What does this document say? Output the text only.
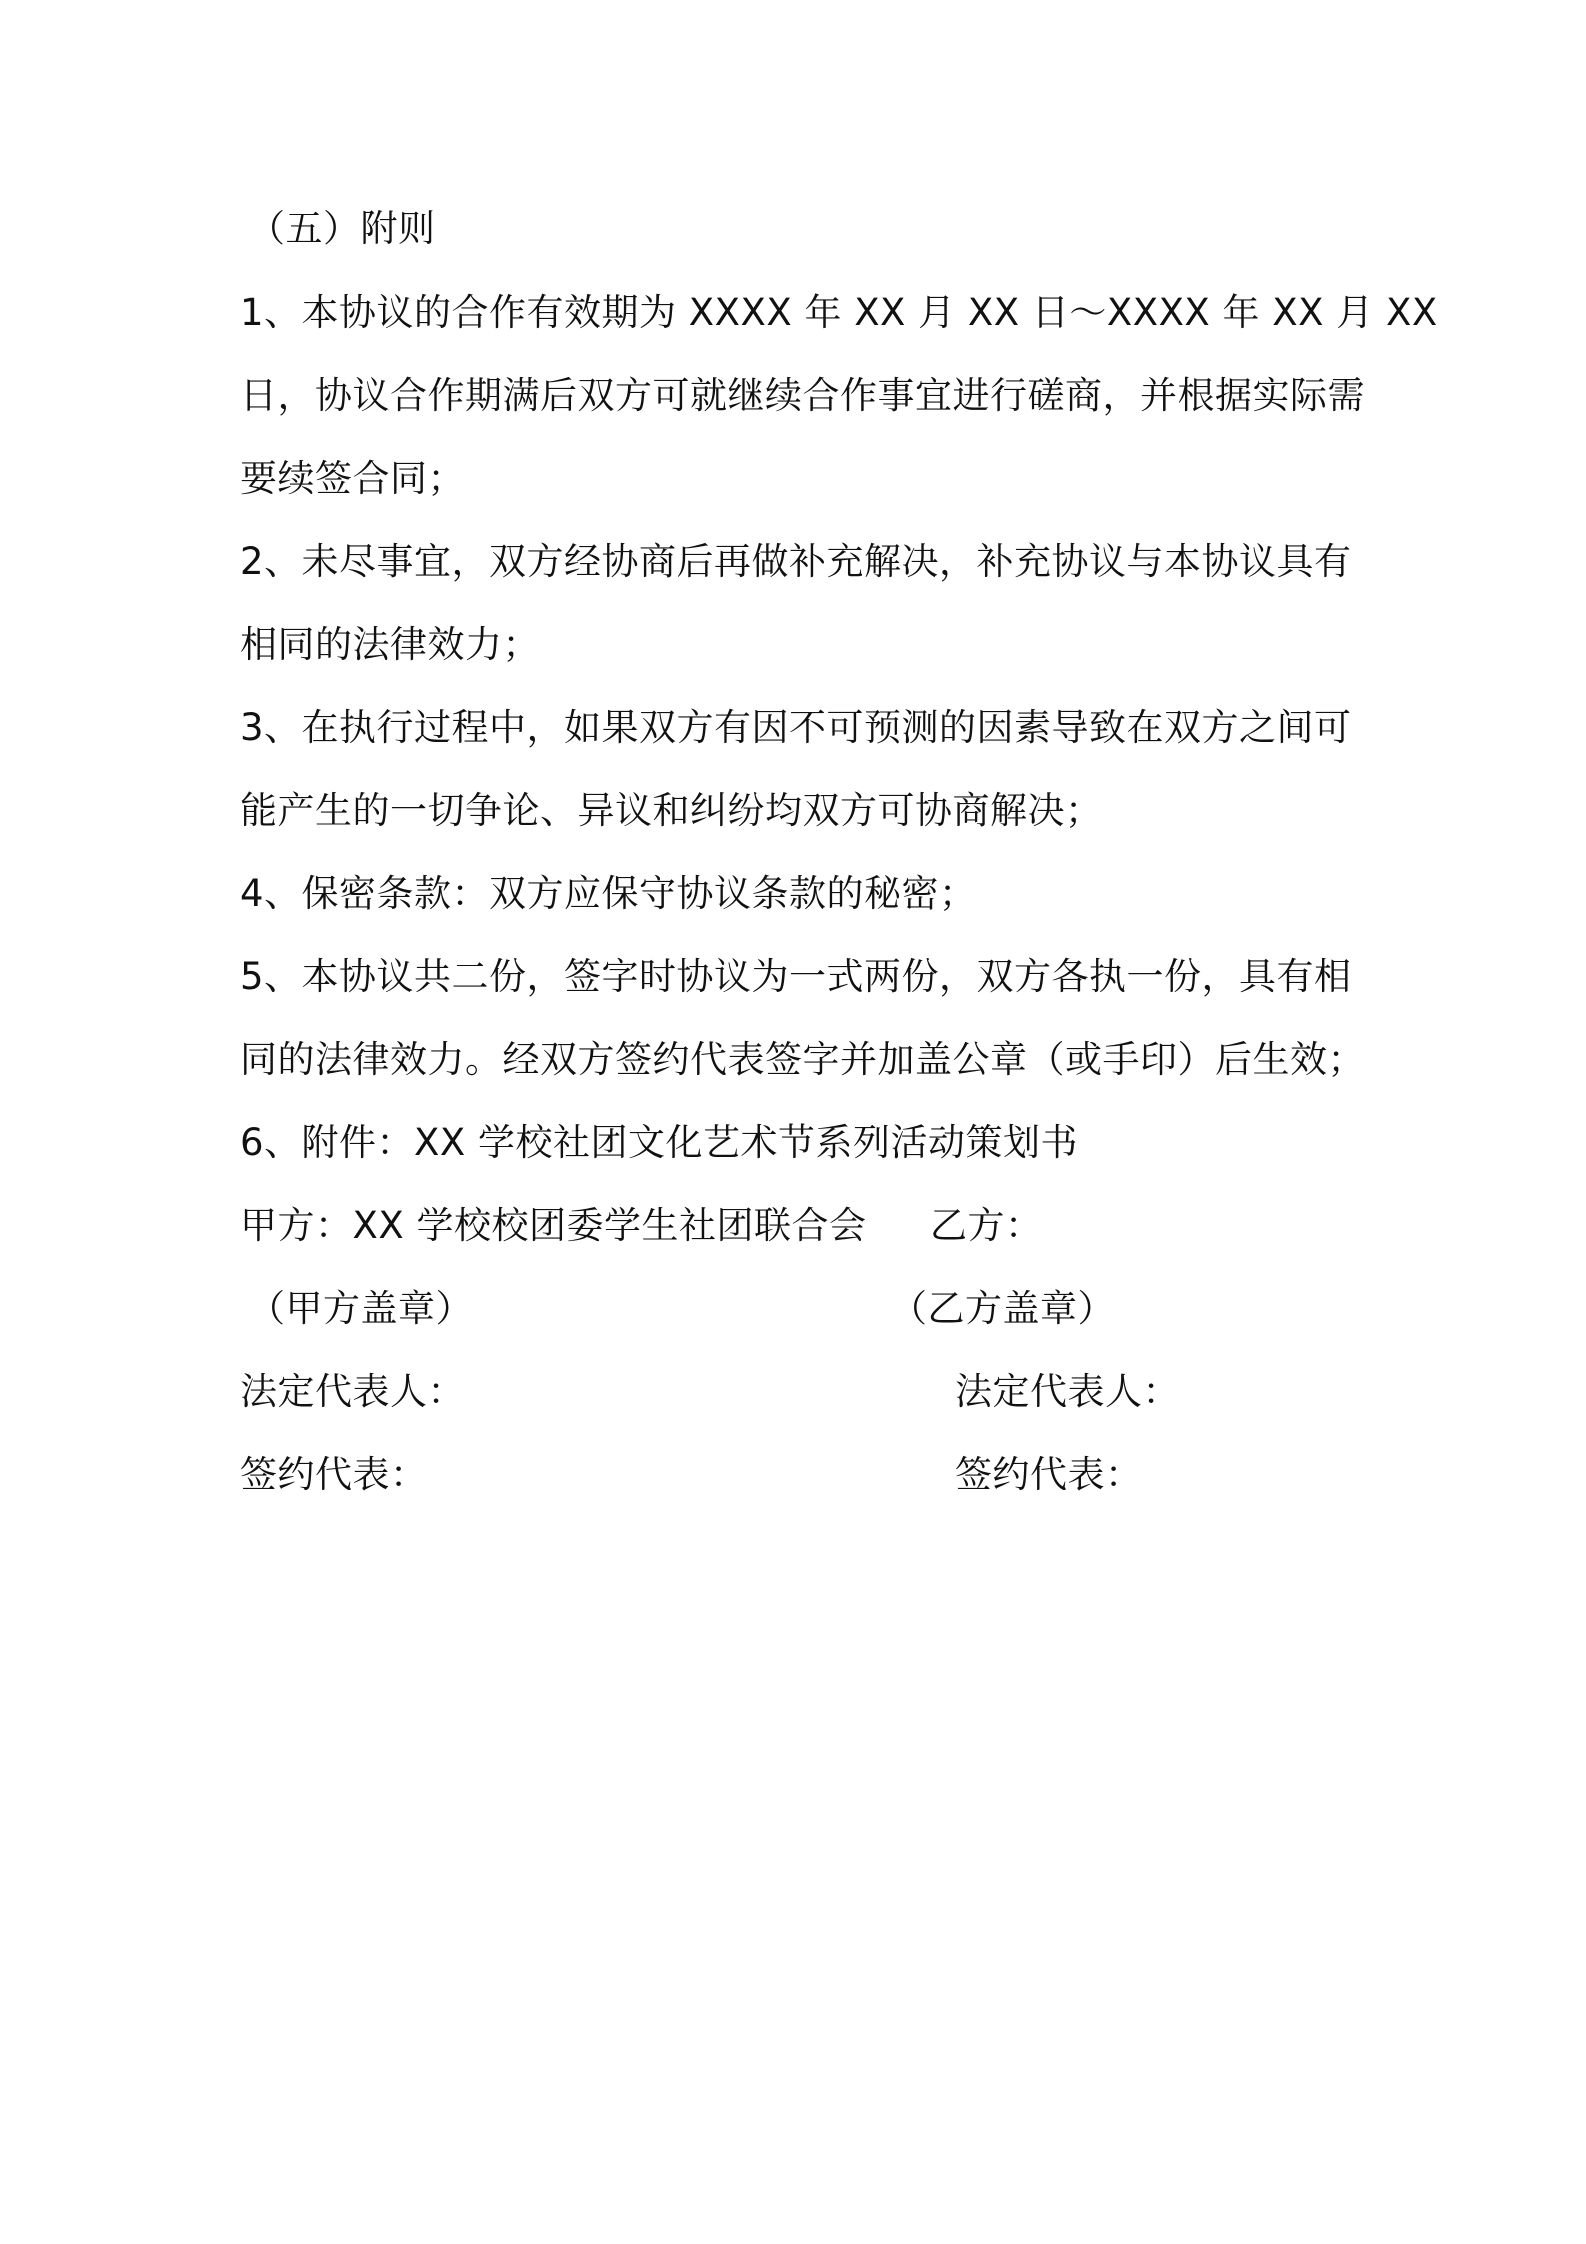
（五）附则
1、本协议的合作有效期为 XXXX 年 XX 月 XX 日～XXXX 年 XX 月 XX
日，协议合作期满后双方可就继续合作事宜进行磋商，并根据实际需
要续签合同；
2、未尽事宜，双方经协商后再做补充解决，补充协议与本协议具有
相同的法律效力；
3、在执行过程中，如果双方有因不可预测的因素导致在双方之间可
能产生的一切争论、异议和纠纷均双方可协商解决；
4、保密条款：双方应保守协议条款的秘密；
5、本协议共二份，签字时协议为一式两份，双方各执一份，具有相
同的法律效力。经双方签约代表签字并加盖公章（或手印）后生效；
6、附件：XX 学校社团文化艺术节系列活动策划书
甲方：XX 学校校团委学生社团联合会 乙方：
（甲方盖章）	（乙方盖章）
法定代表人：	法定代表人：
签约代表：	签约代表：
